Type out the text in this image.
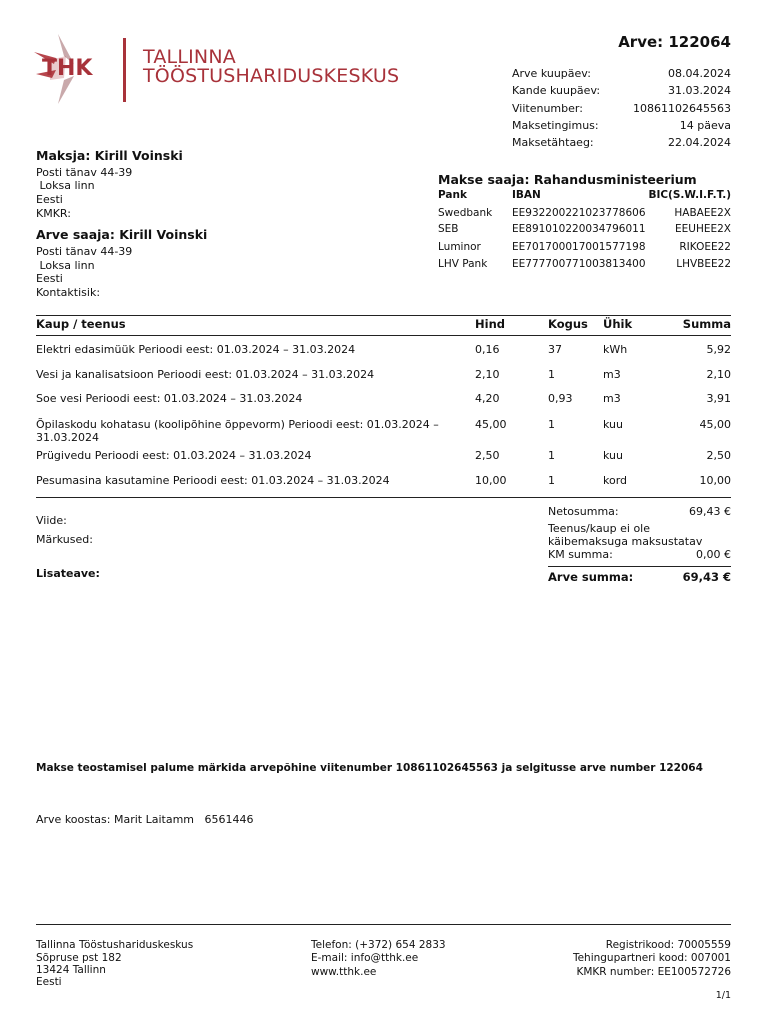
THK	TALLINNA
TÖÖSTUSHARIDUSKESKUS
Arve: 122064
Arve kuupäev:	08.04.2024
Kande kuupäev:	31.03.2024
Viitenumber:	10861102645563
Maksetingimus:	14 päeva
Maksetähtaeg:	22.04.2024
Maksja: Kirill Voinski
Posti tänav 44-39
Loksa linn
Eesti
KMKR:
Arve saaja: Kirill Voinski
Posti tänav 44-39
Loksa linn
Eesti
Kontaktisik:
Makse saaja: Rahandusministeerium
Pank	IBAN	BIC(S.W.I.F.T.)
Swedbank EE932200221023778606	HABAEE2X
SEB	EE891010220034796011	EEUHEE2X
Luminor	EE701700017001577198	RIKOEE22
LHV Pank EE777700771003813400	LHVBEE22
Kaup / teenus	Hind	Kogus Ühik	Summa
Elektri edasimüük Perioodi eest: 01.03.2024 – 31.03.2024	0,16	37	kWh	5,92
Vesi ja kanalisatsioon Perioodi eest: 01.03.2024 – 31.03.2024	2,10	1	m3	2,10
Soe vesi Perioodi eest: 01.03.2024 – 31.03.2024	4,20	0,93	m3	3,91
Õpilaskodu kohatasu (koolipõhine õppevorm) Perioodi eest: 01.03.2024 –
31.03.2024
45,00	1	kuu	45,00
Prügivedu Perioodi eest: 01.03.2024 – 31.03.2024	2,50	1	kuu	2,50
Pesumasina kasutamine Perioodi eest: 01.03.2024 – 31.03.2024	10,00	1	kord	10,00
Viide:
Märkused:
Lisateave:
Netosumma:	69,43 €
Teenus/kaup ei ole
käibemaksuga maksustatav
KM summa:	0,00 €
Arve summa:	69,43 €
Makse teostamisel palume märkida arvepõhine viitenumber 10861102645563 ja selgitusse arve number 122064
Arve koostas: Marit Laitamm   6561446
Tallinna Tööstushariduskeskus
Sõpruse pst 182
13424 Tallinn
Eesti
Telefon: (+372) 654 2833
E-mail: info@tthk.ee
www.tthk.ee
Registrikood: 70005559
Tehingupartneri kood: 007001
KMKR number: EE100572726
1/1
